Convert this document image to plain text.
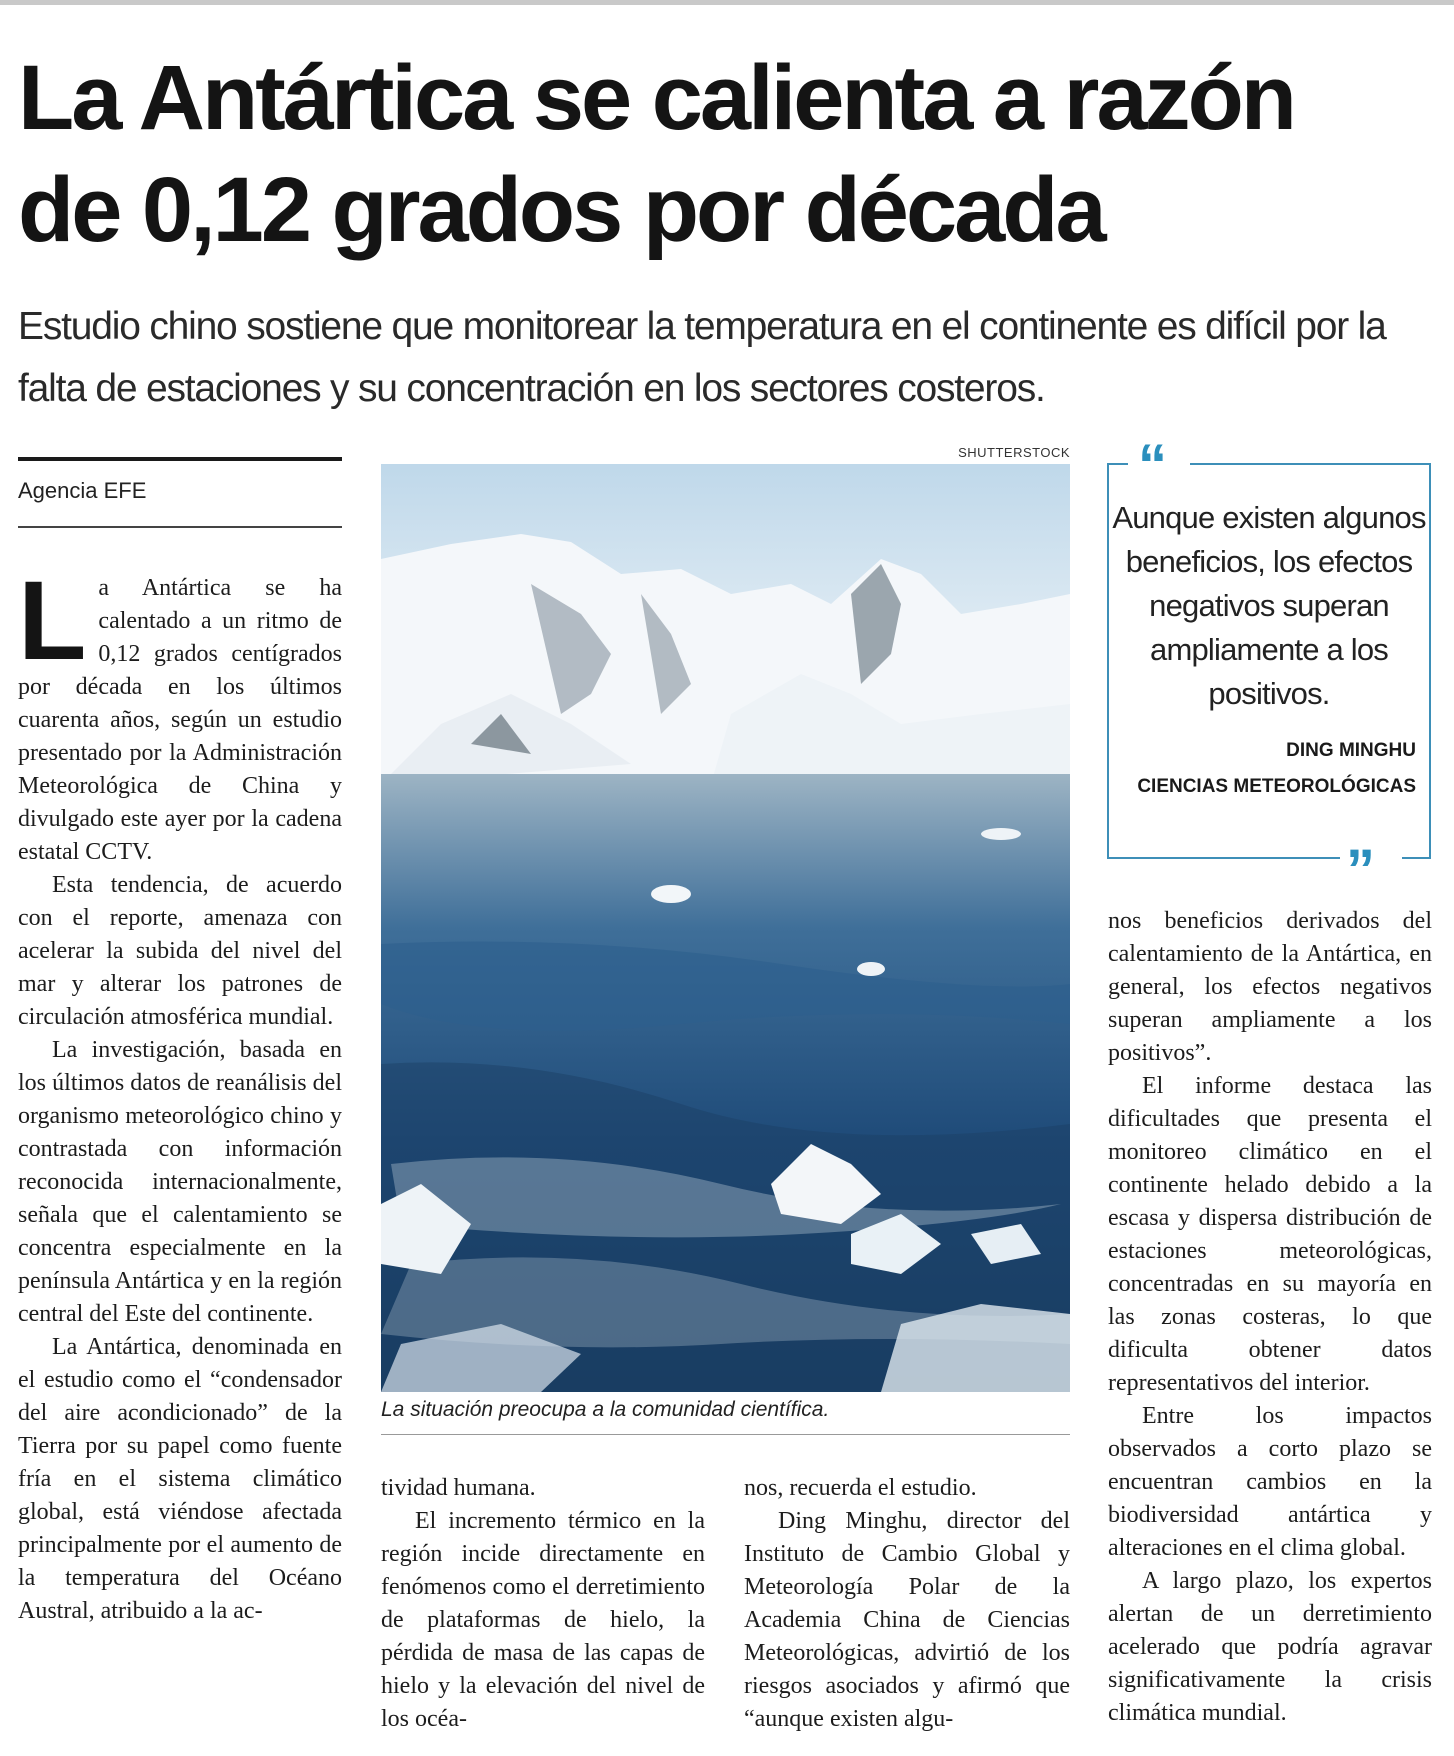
La Antártica se calienta a razón
de 0,12 grados por década

Estudio chino sostiene que monitorear la temperatura en el continente es difícil por la
falta de estaciones y su concentración en los sectores costeros.

Agencia EFE
L a Antártica se ha calentado a un ritmo de 0,12 grados centígrados por década en los últimos cuarenta años, según un estudio presentado por la Administración Meteorológica de China y divulgado este ayer por la cadena estatal CCTV.

Esta tendencia, de acuerdo con el reporte, amenaza con acelerar la subida del nivel del mar y alterar los patrones de circulación atmosférica mundial.

La investigación, basada en los últimos datos de reanálisis del organismo meteorológico chino y contrastada con información reconocida internacionalmente, señala que el calentamiento se concentra especialmente en la península Antártica y en la región central del Este del continente.

La Antártica, denominada en el estudio como el “condensador del aire acondicionado” de la Tierra por su papel como fuente fría en el sistema climático global, está viéndose afectada principalmente por el aumento de la temperatura del Océano Austral, atribuido a la ac-

SHUTTERSTOCK
La situación preocupa a la comunidad científica.

tividad humana.

El incremento térmico en la región incide directamente en fenómenos como el derretimiento de plataformas de hielo, la pérdida de masa de las capas de hielo y la elevación del nivel de los océa-

nos, recuerda el estudio.

Ding Minghu, director del Instituto de Cambio Global y Meteorología Polar de la Academia China de Ciencias Meteorológicas, advirtió de los riesgos asociados y afirmó que “aunque existen algu-

“
Aunque existen algunos beneficios, los efectos negativos superan ampliamente a los positivos.
DING MINGHU
CIENCIAS METEOROLÓGICAS
”

nos beneficios derivados del calentamiento de la Antártica, en general, los efectos negativos superan ampliamente a los positivos”.

El informe destaca las dificultades que presenta el monitoreo climático en el continente helado debido a la escasa y dispersa distribución de estaciones meteorológicas, concentradas en su mayoría en las zonas costeras, lo que dificulta obtener datos representativos del interior.

Entre los impactos observados a corto plazo se encuentran cambios en la biodiversidad antártica y alteraciones en el clima global.

A largo plazo, los expertos alertan de un derretimiento acelerado que podría agravar significativamente la crisis climática mundial.
